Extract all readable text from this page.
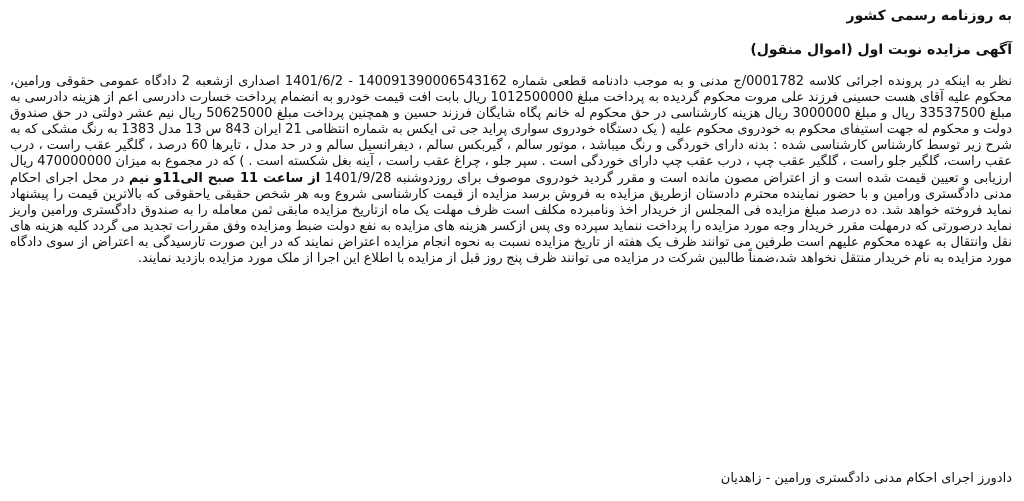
به روزنامه رسمی کشور

آگهی مزایده نوبت اول (اموال منقول)

نظر به اینکه در پرونده اجرائی کلاسه 0001782/ج مدنی و به موجب دادنامه قطعی شماره 140091390006543162 - 1401/6/2 اصداری ازشعبه 2 دادگاه عمومی حقوقی ورامین، محکوم علیه آقای هست حسینی فرزند علی مروت محکوم گردیده به پرداخت مبلغ 1012500000 ریال بابت افت قیمت خودرو به انضمام پرداخت خسارت دادرسی اعم از هزینه دادرسی به مبلغ 33537500 ریال و مبلغ 3000000 ریال هزینه کارشناسی در حق محکوم له خانم پگاه شایگان فرزند حسین و همچنین پرداخت مبلغ 50625000 ریال نیم عشر دولتی در حق صندوق دولت و محکوم له جهت استیفای محکوم به خودروی محکوم علیه ( یک دستگاه خودروی سواری پراید جی تی ایکس به شماره انتظامی 21 ایران 843 س 13 مدل 1383 به رنگ مشکی که به شرح زیر توسط کارشناس کارشناسی شده : بدنه دارای خوردگی و رنگ میباشد ، موتور سالم ، گیربکس سالم ، دیفرانسیل سالم و در حد مدل ، تایرها 60 درصد ، گلگیر عقب راست ، درب عقب راست، گلگیر جلو راست ، گلگیر عقب چپ ، درب عقب چپ دارای خوردگی است . سپر جلو ، چراغ عقب راست ، آینه بغل شکسته است . ) که در مجموع به میزان 470000000 ریال ارزیابی و تعیین قیمت شده است و از اعتراض مصون مانده است و مقرر گردید خودروی موصوف برای روزدوشنبه 1401/9/28 از ساعت 11 صبح الی11و نیم در محل اجرای احکام مدنی دادگستری ورامین و با حضور نماینده محترم دادستان ازطریق مزایده به فروش برسد مزایده از قیمت کارشناسی شروع وبه هر شخص حقیقی یاحقوقی که بالاترین قیمت را پیشنهاد نماید فروخته خواهد شد. ده درصد مبلغ مزایده فی المجلس از خریدار اخذ ونامبرده مکلف است ظرف مهلت یک ماه ازتاریخ مزایده مابقی ثمن معامله را به صندوق دادگستری ورامین واریز نماید درصورتی که درمهلت مقرر خریدار وجه مورد مزایده را پرداخت ننماید سپرده وی پس ازکسر هزینه های مزایده به نفع دولت ضبط ومزایده وفق مقررات تجدید می گردد کلیه هزینه های نقل وانتقال به عهده محکوم علیهم است طرفین می توانند ظرف یک هفته از تاریخ مزایده نسبت به نحوه انجام مزایده اعتراض نمایند که در این صورت تارسیدگی به اعتراض از سوی دادگاه مورد مزایده به نام خریدار منتقل نخواهد شد،ضمناً طالبین شرکت در مزایده می توانند ظرف پنج روز قبل از مزایده با اطلاع این اجرا از ملک مورد مزایده بازدید نمایند.

دادورز اجرای احکام مدنی دادگستری ورامین - زاهدیان
